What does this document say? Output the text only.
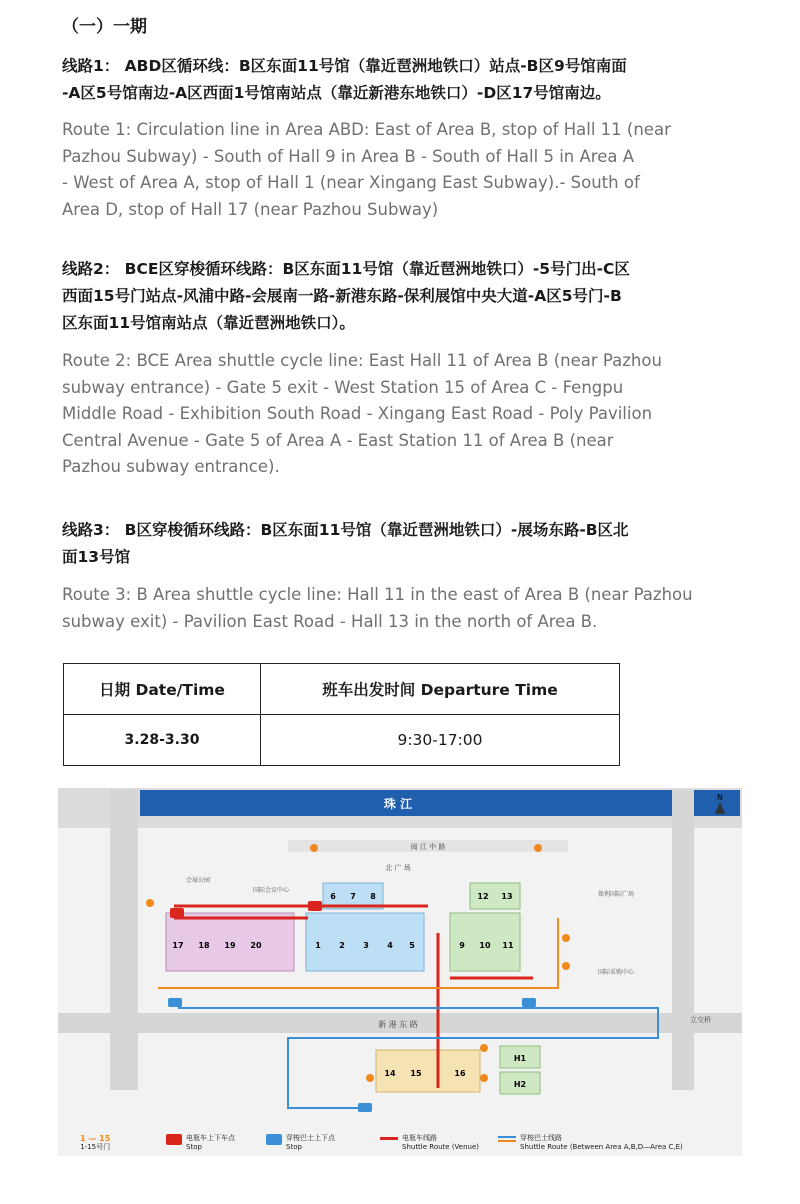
（一）一期
线路1： ABD区循环线：B区东面11号馆（靠近琶洲地铁口）站点-B区9号馆南面
-A区5号馆南边-A区西面1号馆南站点（靠近新港东地铁口）-D区17号馆南边。
Route 1: Circulation line in Area ABD: East of Area B, stop of Hall 11 (near
Pazhou Subway) - South of Hall 9 in Area B - South of Hall 5 in Area A
- West of Area A, stop of Hall 1 (near Xingang East Subway).- South of
Area D, stop of Hall 17 (near Pazhou Subway)
线路2： BCE区穿梭循环线路：B区东面11号馆（靠近琶洲地铁口）-5号门出-C区
西面15号门站点-风浦中路-会展南一路-新港东路-保利展馆中央大道-A区5号门-B
区东面11号馆南站点（靠近琶洲地铁口）。
Route 2: BCE Area shuttle cycle line: East Hall 11 of Area B (near Pazhou
subway entrance) - Gate 5 exit - West Station 15 of Area C - Fengpu
Middle Road - Exhibition South Road - Xingang East Road - Poly Pavilion
Central Avenue - Gate 5 of Area A - East Station 11 of Area B (near
Pazhou subway entrance).
线路3： B区穿梭循环线路：B区东面11号馆（靠近琶洲地铁口）-展场东路-B区北
面13号馆
Route 3: B Area shuttle cycle line: Hall 11 in the east of Area B (near Pazhou
subway exit) - Pavilion East Road - Hall 13 in the north of Area B.
日期 Date/Time	班车出发时间 Departure Time
3.28-3.30	9:30-17:00
珠 江	N
新 港 东 路
阅 江 中 路
北 广 场
立交桥
17 18 19 20	1 2 3 4 5
6 7 8
9 10 11
12 13
14 15	16
H1
H2
保利国际广场
国际采购中心
会展公园
国际会议中心
1 — 15
1-15号门
电瓶车上下车点
Stop
穿梭巴士上下点
Stop
电瓶车线路
Shuttle Route (Venue)
穿梭巴士线路
Shuttle Route (Between Area A,B,D—Area C,E)
